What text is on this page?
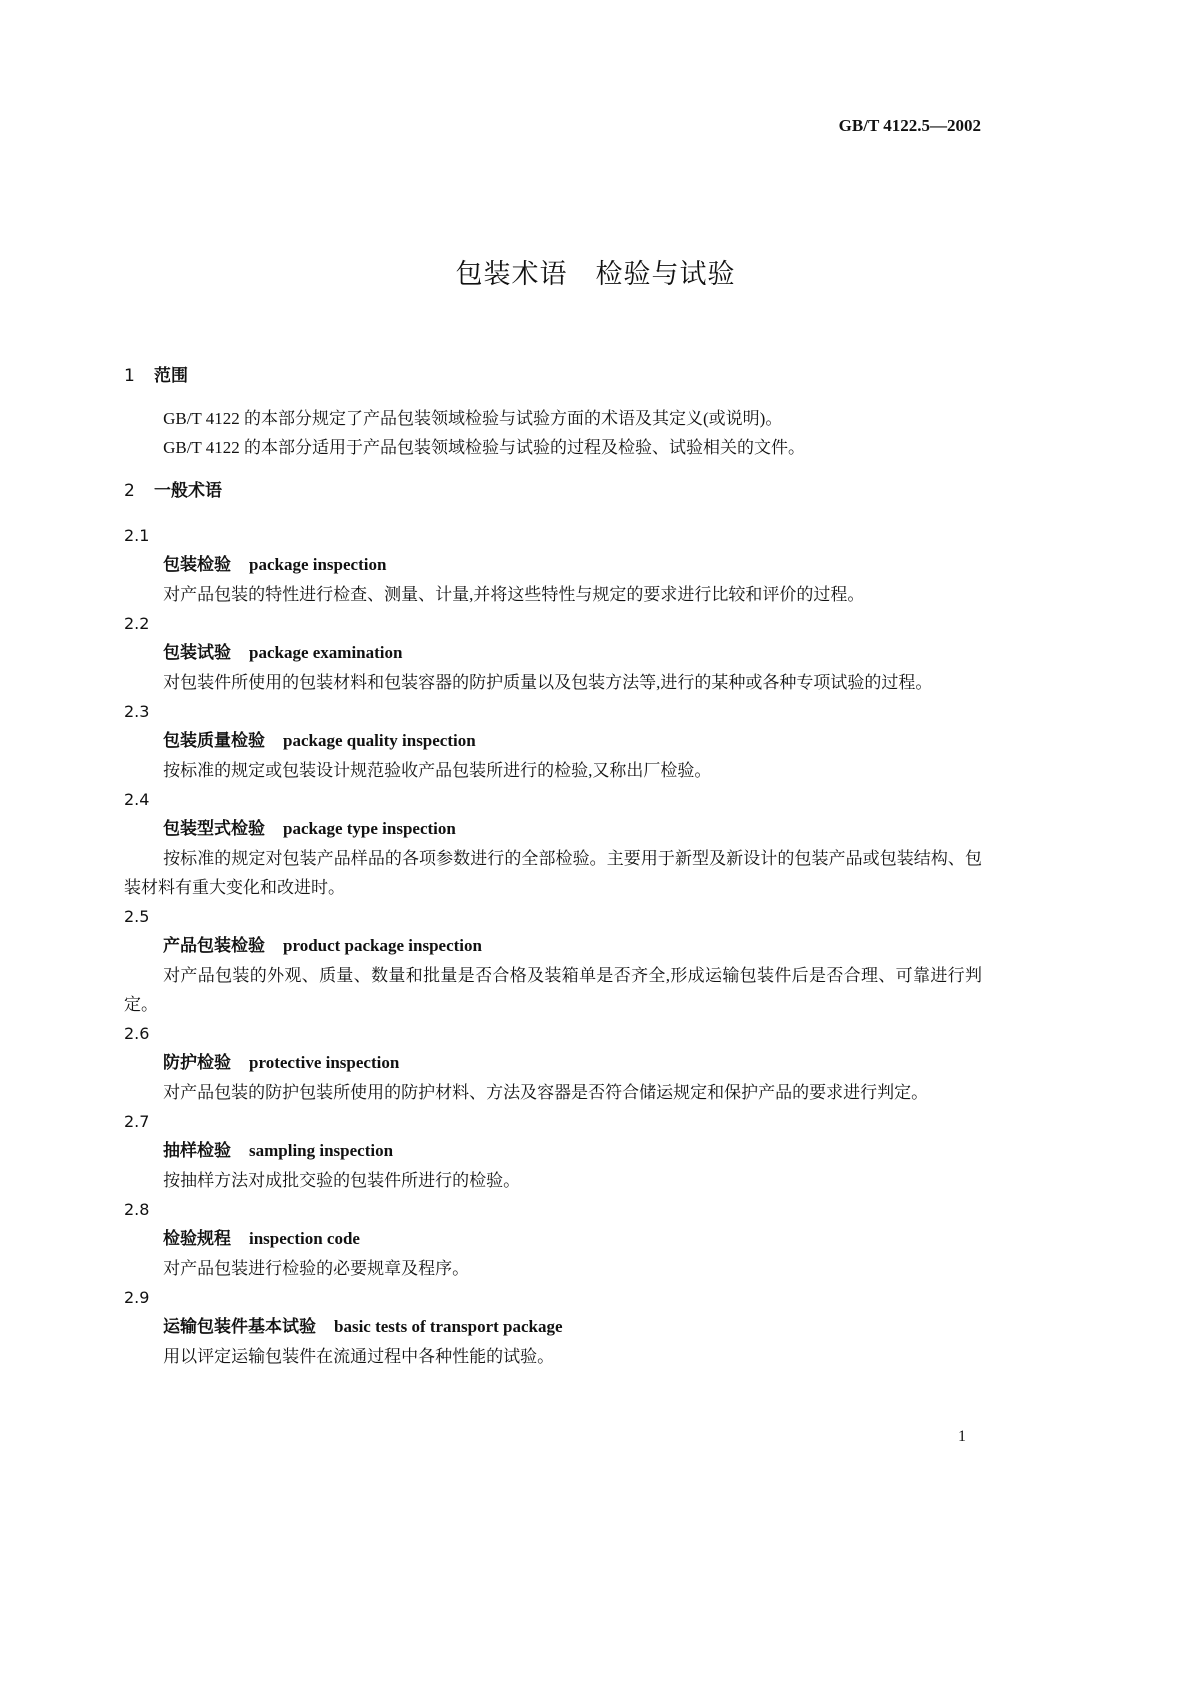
GB/T 4122.5—2002
包装术语　检验与试验
1 范围
GB/T 4122 的本部分规定了产品包装领域检验与试验方面的术语及其定义(或说明)。
GB/T 4122 的本部分适用于产品包装领域检验与试验的过程及检验、试验相关的文件。
2 一般术语
2.1
包装检验 package inspection
对产品包装的特性进行检查、测量、计量,并将这些特性与规定的要求进行比较和评价的过程。
2.2
包装试验 package examination
对包装件所使用的包装材料和包装容器的防护质量以及包装方法等,进行的某种或各种专项试验的过程。
2.3
包装质量检验 package quality inspection
按标准的规定或包装设计规范验收产品包装所进行的检验,又称出厂检验。
2.4
包装型式检验 package type inspection
按标准的规定对包装产品样品的各项参数进行的全部检验。主要用于新型及新设计的包装产品或包装结构、包装材料有重大变化和改进时。
2.5
产品包装检验 product package inspection
对产品包装的外观、质量、数量和批量是否合格及装箱单是否齐全,形成运输包装件后是否合理、可靠进行判定。
2.6
防护检验 protective inspection
对产品包装的防护包装所使用的防护材料、方法及容器是否符合储运规定和保护产品的要求进行判定。
2.7
抽样检验 sampling inspection
按抽样方法对成批交验的包装件所进行的检验。
2.8
检验规程 inspection code
对产品包装进行检验的必要规章及程序。
2.9
运输包装件基本试验 basic tests of transport package
用以评定运输包装件在流通过程中各种性能的试验。
1
